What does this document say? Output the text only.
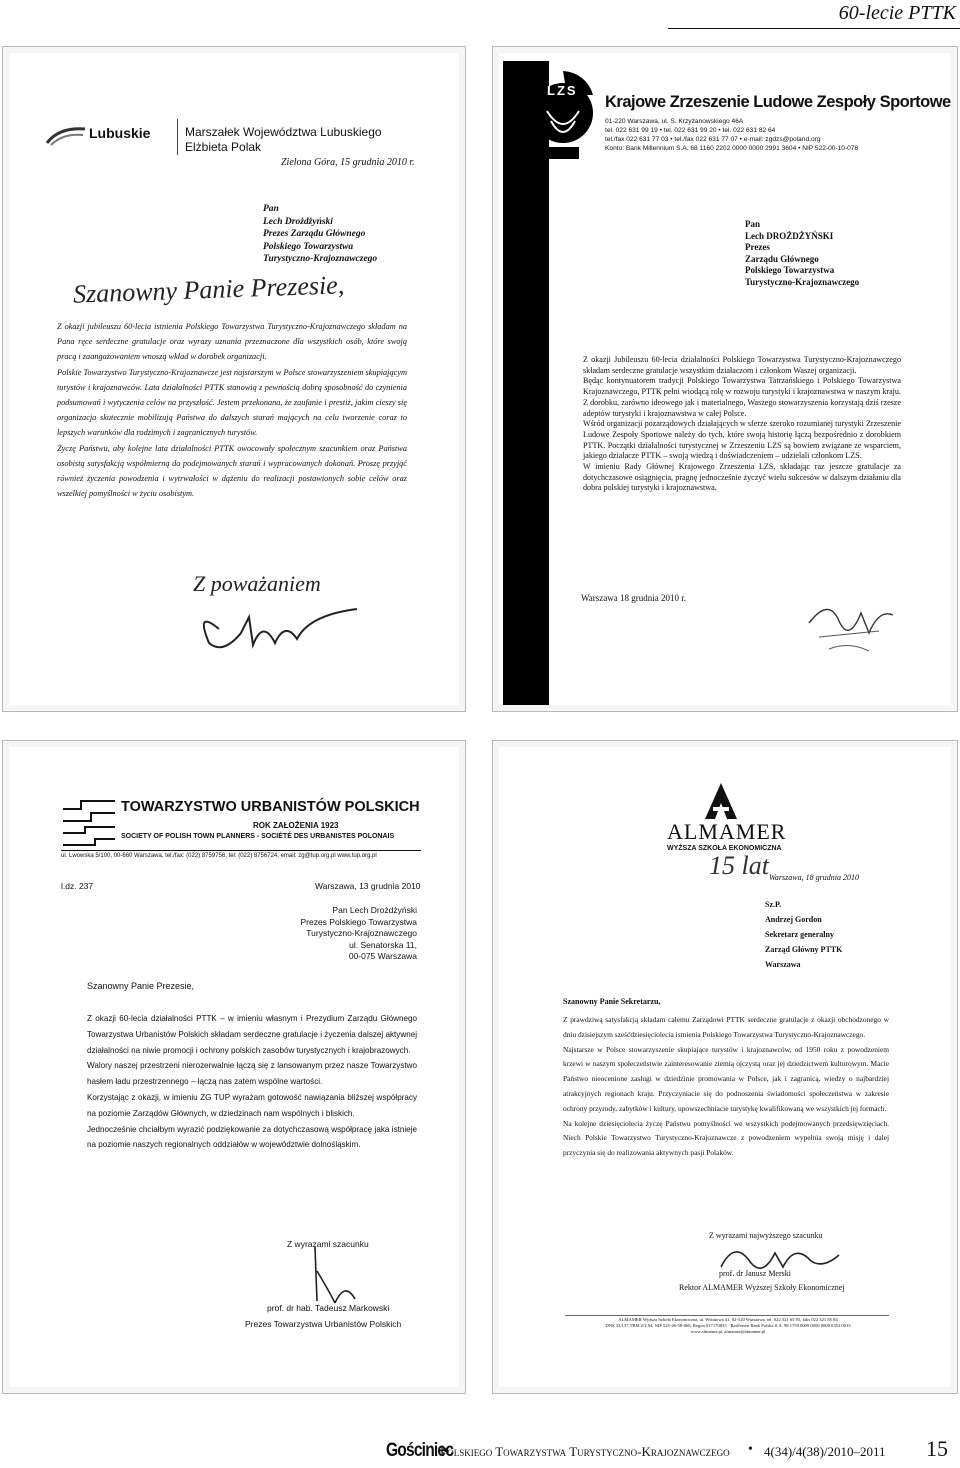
60-lecie PTTK
Lubuskie	Marszałek Województwa Lubuskiego
Elżbieta Polak
Zielona Góra, 15 grudnia 2010 r.
Pan
Lech Drożdżyński
Prezes Zarządu Głównego
Polskiego Towarzystwa
Turystyczno-Krajoznawczego
Szanowny Panie Prezesie,
Z okazji jubileuszu 60-lecia istnienia Polskiego Towarzystwa Turystyczno-Krajoznawczego składam na Pana ręce serdeczne gratulacje oraz wyrazy uznania przeznaczone dla wszystkich osób, które swoją pracą i zaangażowaniem wnoszą wkład w dorobek organizacji.
Polskie Towarzystwo Turystyczno-Krajoznawcze jest najstarszym w Polsce stowarzyszeniem skupiającym turystów i krajoznawców. Lata działalności PTTK stanowią z pewnością dobrą sposobność do czynienia podsumowań i wytyczenia celów na przyszłość. Jestem przekonana, że zaufanie i prestiż, jakim cieszy się organizacja skutecznie mobilizują Państwa do dalszych starań mających na celu tworzenie coraz to lepszych warunków dla rodzimych i zagranicznych turystów.
Życzę Państwu, aby kolejne lata działalności PTTK owocowały społecznym szacunkiem oraz Państwa osobistą satysfakcją współmierną do podejmowanych starań i wypracowanych dokonań. Proszę przyjąć również życzenia powodzenia i wytrwałości w dążeniu do realizacji postawionych sobie celów oraz wszelkiej pomyślności w życiu osobistym.
Z poważaniem
LZS
Krajowe Zrzeszenie Ludowe Zespoły Sportowe
01-220 Warszawa, ul. S. Krzyżanowskiego 46A
tel. 022 631 99 19 • tel. 022 631 99 20 • tel. 022 631 82 64
tel./fax 022 631 77 03 • tel./fax 022 631 77 07 • e-mail: zgdzs@poland.org
Konto: Bank Millennium S.A. 68 1160 2202 0000 0000 2991 3604 • NIP 522-00-10-078
Pan
Lech DROŻDŻYŃSKI
Prezes
Zarządu Głównego
Polskiego Towarzystwa
Turystyczno-Krajoznawczego
Z okazji Jubileuszu 60-lecia działalności Polskiego Towarzystwa Turystyczno-Krajoznawczego składam serdeczne gratulacje wszystkim działaczom i członkom Waszej organizacji.
Będąc kontynuatorem tradycji Polskiego Towarzystwa Tatrzańskiego i Polskiego Towarzystwa Krajoznawczego, PTTK pełni wiodącą rolę w rozwoju turystyki i krajoznawstwa w naszym kraju. Z dorobku, zarówno ideowego jak i materialnego, Waszego stowarzyszenia korzystają dziś rzesze adeptów turystyki i krajoznawstwa w całej Polsce.
Wśród organizacji pozarządowych działających w sferze szeroko rozumianej turystyki Zrzeszenie Ludowe Zespoły Sportowe należy do tych, które swoją historię łączą bezpośrednio z dorobkiem PTTK. Początki działalności turystycznej w Zrzeszeniu LZS są bowiem związane ze wsparciem, jakiego działacze PTTK – swoją wiedzą i doświadczeniem – udzielali członkom LZS.
W imieniu Rady Głównej Krajowego Zrzeszenia LZS, składając raz jeszcze gratulacje za dotychczasowe osiągnięcia, pragnę jednocześnie życzyć wielu sukcesów w dalszym działaniu dla dobra polskiej turystyki i krajoznawstwa.
Warszawa 18 grudnia 2010 r.
TOWARZYSTWO URBANISTÓW POLSKICH
ROK ZAŁOŻENIA 1923
SOCIETY OF POLISH TOWN PLANNERS - SOCIÉTÉ DES URBANISTES POLONAIS
ul. Lwowska 5/100, 00-660 Warszawa, tel./fax: (022) 8759756, tel: (022) 8756724, email: zg@tup.org.pl www.tup.org.pl
l.dz. 237	Warszawa, 13 grudnia 2010
Pan Lech Drożdżyński
Prezes Polskiego Towarzystwa
Turystyczno-Krajoznawczego
ul. Senatorska 11,
00-075 Warszawa
Szanowny Panie Prezesie,
Z okazji 60-lecia działalności PTTK – w imieniu własnym i Prezydium Zarządu Głównego Towarzystwa Urbanistów Polskich składam serdeczne gratulacje i życzenia dalszej aktywnej działalności na niwie promocji i ochrony polskich zasobów turystycznych i krajobrazowych.
Walory naszej przestrzeni nierozerwalnie łączą się z lansowanym przez nasze Towarzystwo hasłem ładu przestrzennego – łączą nas zatem wspólne wartości.
Korzystając z okazji, w imieniu ZG TUP wyrażam gotowość nawiązania bliższej współpracy na poziomie Zarządów Głównych, w dziedzinach nam wspólnych i bliskich.
Jednocześnie chciałbym wyrazić podziękowanie za dotychczasową współpracę jaka istnieje na poziomie naszych regionalnych oddziałów w województwie dolnośląskim.
Z wyrazami szacunku
prof. dr hab. Tadeusz Markowski
Prezes Towarzystwa Urbanistów Polskich
ALMAMER
WYŻSZA SZKOŁA EKONOMICZNA
15 lat Warszawa, 18 grudnia 2010
Sz.P.
Andrzej Gordon
Sekretarz generalny
Zarząd Główny PTTK
Warszawa
Szanowny Panie Sekretarzu,
Z prawdziwą satysfakcją składam całemu Zarządowi PTTK serdeczne gratulacje z okazji obchodzonego w dniu dzisiejszym sześćdziesięciolecia istnienia Polskiego Towarzystwa Turystyczno-Krajoznawczego.
Najstarsze w Polsce stowarzyszenie skupiające turystów i krajoznawców, od 1950 roku z powodzeniem krzewi w naszym społeczeństwie zainteresowanie ziemią ojczystą oraz jej dziedzictwem kulturowym. Macie Państwo nieocenione zasługi w dziedzinie promowania w Polsce, jak i zagranicą, wiedzy o najbardziej atrakcyjnych regionach kraju. Przyczyniacie się do podnoszenia świadomości społeczeństwa w zakresie ochrony przyrody, zabytków i kultury, upowszechniacie turystykę kwalifikowaną we wszystkich jej formach.
Na kolejne dziesięciolecia życzę Państwu pomyślności we wszystkich podejmowanych przedsięwzięciach. Niech Polskie Towarzystwo Turystyczno-Krajoznawcze z powodzeniem wypełnia swoją misję i dalej przyczynia się do realizowania aktywnych pasji Polaków.
Z wyrazami najwyższego szacunku
prof. dr Janusz Merski
Rektor ALMAMER Wyższej Szkoły Ekonomicznej
ALMAMER Wyższa Szkoła Ekonomiczna, ul. Wiśniowa 41, 02-520 Warszawa, tel. 022 321 65 95, faks 022 321 85 84
DNS 33/137 TBM 2/2 94, NIP 525-26-58-068, Regon 017170835 · Raiffeisen Bank Polska S.A. 98 1750 0009 0000 0000 0352 0013
www.almamer.pl, almamer@almamer.pl
Gościniec
Polskiego Towarzystwa Turystyczno-Krajoznawczego • 4(34)/4(38)/2010–2011 15
